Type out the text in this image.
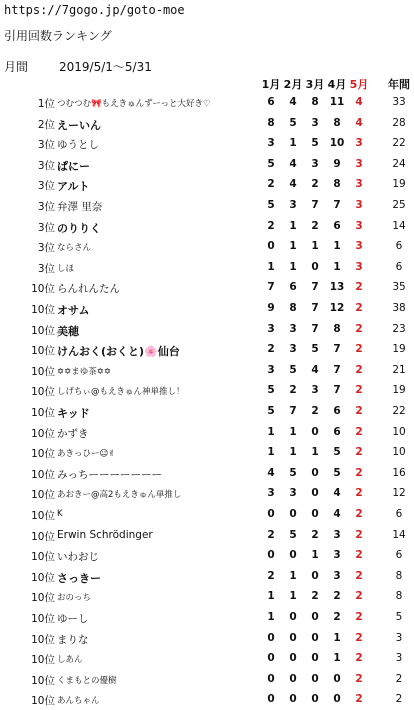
https://7gogo.jp/goto-moe
引用回数ランキング
月間	2019/5/1～5/31
1月 2月 3月 4月 5月	年間
1位 つむつむ🎀もえきゅんずーっと大好き♡	6	4	8	11	4	33
2位 えーいん	8	5	3	8	4	28
3位 ゆうとし	3	1	5	10	3	22
3位 ぱにー	5	4	3	9	3	24
3位 アルト	2	4	2	8	3	19
3位 弁澤 里奈	5	3	7	7	3	25
3位 のりりく	2	1	2	6	3	14
3位 ならさん	0	1	1	1	3	6
3位 しほ	1	1	0	1	3	6
10位 らんれんたん	7	6	7	13	2	35
10位 オサム	9	8	7	12	2	38
10位 美穂	3	3	7	8	2	23
10位 けんおく(おくと)🌸仙台	2	3	5	7	2	19
10位 ✡✡まゆ茶✡✡	3	5	4	7	2	21
10位 しげちぃ@もえきゅん神単推し！	5	2	3	7	2	19
10位 キッド	5	7	2	6	2	22
10位 かずき	1	1	0	6	2	10
10位 あきっひー☺✌	1	1	1	5	2	10
10位 みっちーーーーーーー	4	5	0	5	2	16
10位 あおきー@高2もえきゅん単推し	3	3	0	4	2	12
10位 K	0	0	0	4	2	6
10位 Erwin Schrödinger	2	5	2	3	2	14
10位 いわおじ	0	0	1	3	2	6
10位 さっきー	2	1	0	3	2	8
10位 おのっち	1	1	2	2	2	8
10位 ゆーし	1	0	0	2	2	5
10位 まりな	0	0	0	1	2	3
10位 しあん	0	0	0	1	2	3
10位 くまもとの優樹	0	0	0	0	2	2
10位 あんちゃん	0	0	0	0	2	2
